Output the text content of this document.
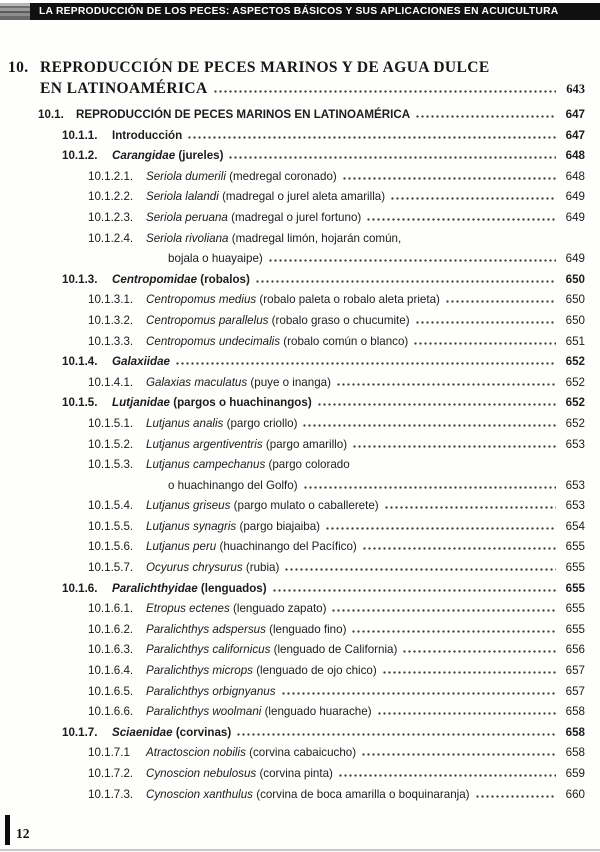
LA REPRODUCCIÓN DE LOS PECES: ASPECTOS BÁSICOS Y SUS APLICACIONES EN ACUICULTURA
10. REPRODUCCIÓN DE PECES MARINOS Y DE AGUA DULCE
EN LATINOAMÉRICA	643
10.1.	REPRODUCCIÓN DE PECES MARINOS EN LATINOAMÉRICA	647
10.1.1.	Introducción	647
10.1.2.	Carangidae (jureles)	648
10.1.2.1.	Seriola dumerili (medregal coronado)	648
10.1.2.2.	Seriola lalandi (madregal o jurel aleta amarilla)	649
10.1.2.3.	Seriola peruana (madregal o jurel fortuno)	649
10.1.2.4.	Seriola rivoliana (madregal limón, hojarán común,
bojala o huayaipe)	649
10.1.3.	Centropomidae (robalos)	650
10.1.3.1.	Centropomus medius (robalo paleta o robalo aleta prieta)	650
10.1.3.2.	Centropomus parallelus (robalo graso o chucumite)	650
10.1.3.3.	Centropomus undecimalis (robalo común o blanco)	651
10.1.4.	Galaxiidae	652
10.1.4.1.	Galaxias maculatus (puye o inanga)	652
10.1.5.	Lutjanidae (pargos o huachinangos)	652
10.1.5.1.	Lutjanus analis (pargo criollo)	652
10.1.5.2.	Lutjanus argentiventris (pargo amarillo)	653
10.1.5.3.	Lutjanus campechanus (pargo colorado
o huachinango del Golfo)	653
10.1.5.4.	Lutjanus griseus (pargo mulato o caballerete)	653
10.1.5.5.	Lutjanus synagris (pargo biajaiba)	654
10.1.5.6.	Lutjanus peru (huachinango del Pacífico)	655
10.1.5.7.	Ocyurus chrysurus (rubia)	655
10.1.6.	Paralichthyidae (lenguados)	655
10.1.6.1.	Etropus ectenes (lenguado zapato)	655
10.1.6.2.	Paralichthys adspersus (lenguado fino)	655
10.1.6.3.	Paralichthys californicus (lenguado de California)	656
10.1.6.4.	Paralichthys microps (lenguado de ojo chico)	657
10.1.6.5.	Paralichthys orbignyanus	657
10.1.6.6.	Paralichthys woolmani (lenguado huarache)	658
10.1.7.	Sciaenidae (corvinas)	658
10.1.7.1	Atractoscion nobilis (corvina cabaicucho)	658
10.1.7.2.	Cynoscion nebulosus (corvina pinta)	659
10.1.7.3.	Cynoscion xanthulus (corvina de boca amarilla o boquinaranja)	660
12
